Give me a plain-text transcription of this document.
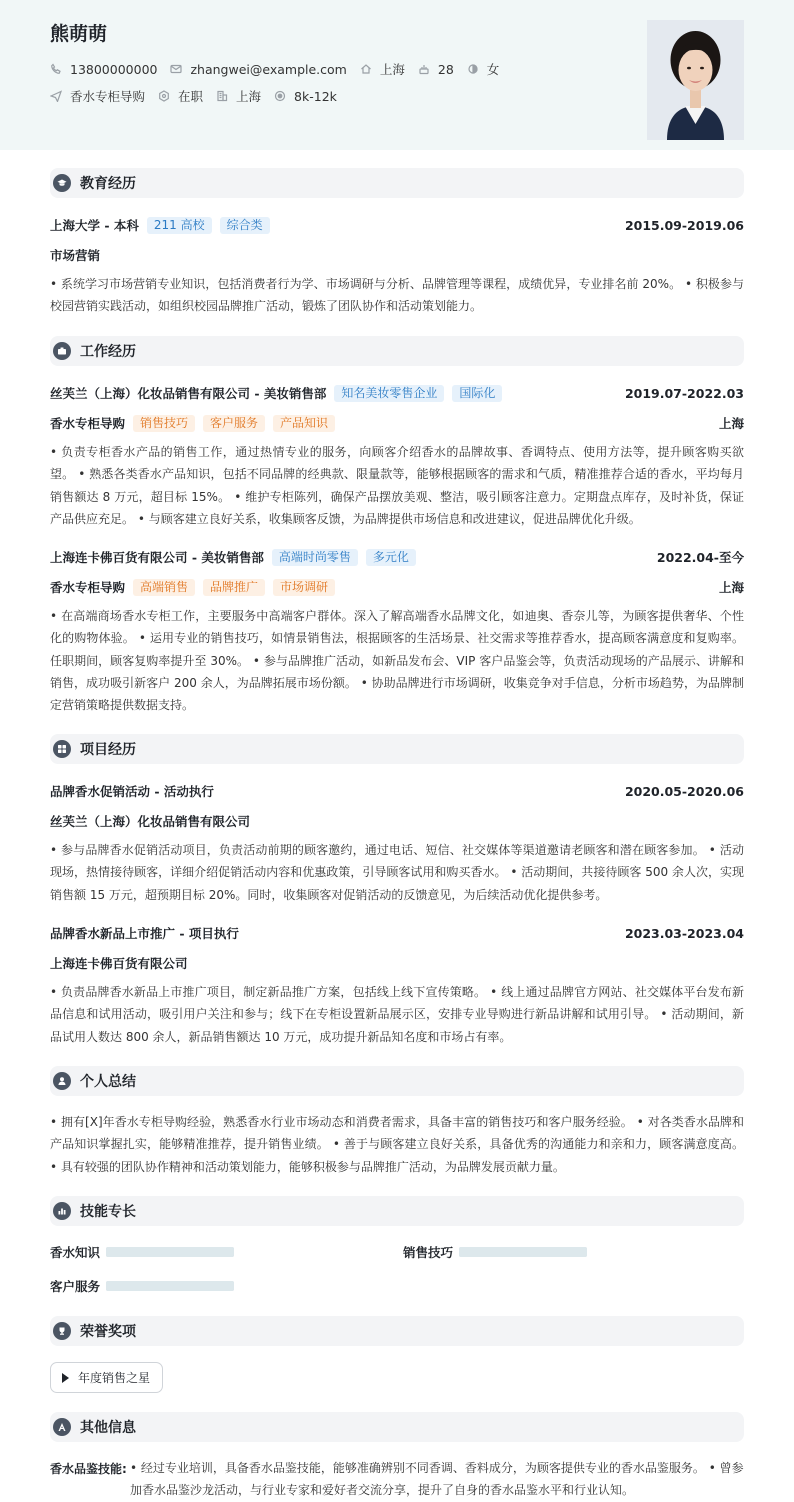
熊萌萌
13800000000	zhangwei@example.com	上海	28	女
香水专柜导购	在职	上海	8k-12k
教育经历
上海大学 - 本科	211 高校	综合类	2015.09-2019.06
市场营销
• 系统学习市场营销专业知识，包括消费者行为学、市场调研与分析、品牌管理等课程，成绩优异，专业排名前 20%。 • 积极参与校园营销实践活动，如组织校园品牌推广活动，锻炼了团队协作和活动策划能力。
工作经历
丝芙兰（上海）化妆品销售有限公司 - 美妆销售部	知名美妆零售企业	国际化	2019.07-2022.03
香水专柜导购	销售技巧	客户服务	产品知识	上海
• 负责专柜香水产品的销售工作，通过热情专业的服务，向顾客介绍香水的品牌故事、香调特点、使用方法等，提升顾客购买欲望。 • 熟悉各类香水产品知识，包括不同品牌的经典款、限量款等，能够根据顾客的需求和气质，精准推荐合适的香水，平均每月销售额达 8 万元，超目标 15%。 • 维护专柜陈列，确保产品摆放美观、整洁，吸引顾客注意力。定期盘点库存，及时补货，保证产品供应充足。 • 与顾客建立良好关系，收集顾客反馈，为品牌提供市场信息和改进建议，促进品牌优化升级。
上海连卡佛百货有限公司 - 美妆销售部	高端时尚零售	多元化	2022.04-至今
香水专柜导购	高端销售	品牌推广	市场调研	上海
• 在高端商场香水专柜工作，主要服务中高端客户群体。深入了解高端香水品牌文化，如迪奥、香奈儿等，为顾客提供奢华、个性化的购物体验。 • 运用专业的销售技巧，如情景销售法，根据顾客的生活场景、社交需求等推荐香水，提高顾客满意度和复购率。任职期间，顾客复购率提升至 30%。 • 参与品牌推广活动，如新品发布会、VIP 客户品鉴会等，负责活动现场的产品展示、讲解和销售，成功吸引新客户 200 余人，为品牌拓展市场份额。 • 协助品牌进行市场调研，收集竞争对手信息，分析市场趋势，为品牌制定营销策略提供数据支持。
项目经历
品牌香水促销活动 - 活动执行	2020.05-2020.06
丝芙兰（上海）化妆品销售有限公司
• 参与品牌香水促销活动项目，负责活动前期的顾客邀约，通过电话、短信、社交媒体等渠道邀请老顾客和潜在顾客参加。 • 活动现场，热情接待顾客，详细介绍促销活动内容和优惠政策，引导顾客试用和购买香水。 • 活动期间，共接待顾客 500 余人次，实现销售额 15 万元，超预期目标 20%。同时，收集顾客对促销活动的反馈意见，为后续活动优化提供参考。
品牌香水新品上市推广 - 项目执行	2023.03-2023.04
上海连卡佛百货有限公司
• 负责品牌香水新品上市推广项目，制定新品推广方案，包括线上线下宣传策略。 • 线上通过品牌官方网站、社交媒体平台发布新品信息和试用活动，吸引用户关注和参与；线下在专柜设置新品展示区，安排专业导购进行新品讲解和试用引导。 • 活动期间，新品试用人数达 800 余人，新品销售额达 10 万元，成功提升新品知名度和市场占有率。
个人总结
• 拥有[X]年香水专柜导购经验，熟悉香水行业市场动态和消费者需求，具备丰富的销售技巧和客户服务经验。 • 对各类香水品牌和产品知识掌握扎实，能够精准推荐，提升销售业绩。 • 善于与顾客建立良好关系，具备优秀的沟通能力和亲和力，顾客满意度高。 • 具有较强的团队协作精神和活动策划能力，能够积极参与品牌推广活动，为品牌发展贡献力量。
技能专长
香水知识	销售技巧
客户服务
荣誉奖项
年度销售之星
其他信息
香水品鉴技能: • 经过专业培训，具备香水品鉴技能，能够准确辨别不同香调、香料成分，为顾客提供专业的香水品鉴服务。 • 曾参加香水品鉴沙龙活动，与行业专家和爱好者交流分享，提升了自身的香水品鉴水平和行业认知。
